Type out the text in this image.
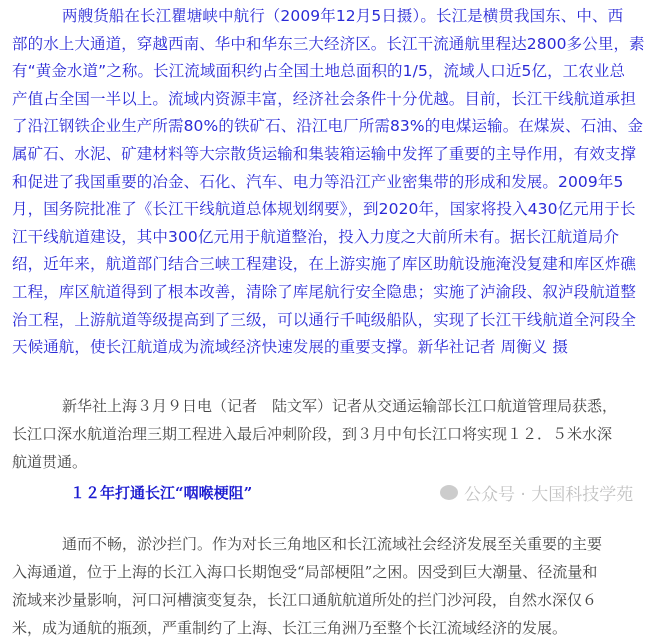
两艘货船在长江瞿塘峡中航行（2009年12月5日摄）。长江是横贯我国东、中、西
部的水上大通道，穿越西南、华中和华东三大经济区。长江干流通航里程达2800多公里，素
有“黄金水道”之称。长江流域面积约占全国土地总面积的1/5，流域人口近5亿，工农业总
产值占全国一半以上。流域内资源丰富，经济社会条件十分优越。目前，长江干线航道承担
了沿江钢铁企业生产所需80%的铁矿石、沿江电厂所需83%的电煤运输。在煤炭、石油、金
属矿石、水泥、矿建材料等大宗散货运输和集装箱运输中发挥了重要的主导作用，有效支撑
和促进了我国重要的冶金、石化、汽车、电力等沿江产业密集带的形成和发展。2009年5
月，国务院批准了《长江干线航道总体规划纲要》，到2020年，国家将投入430亿元用于长
江干线航道建设，其中300亿元用于航道整治，投入力度之大前所未有。据长江航道局介
绍，近年来，航道部门结合三峡工程建设，在上游实施了库区助航设施淹没复建和库区炸礁
工程，库区航道得到了根本改善，清除了库尾航行安全隐患；实施了泸渝段、叙泸段航道整
治工程，上游航道等级提高到了三级，可以通行千吨级船队，实现了长江干线航道全河段全
天候通航，使长江航道成为流域经济快速发展的重要支撑。新华社记者 周衡义 摄
新华社上海３月９日电（记者　陆文军）记者从交通运输部长江口航道管理局获悉，
长江口深水航道治理三期工程进入最后冲刺阶段，到３月中旬长江口将实现１２．５米水深
航道贯通。
１２年打通长江“咽喉梗阻”
通而不畅，淤沙拦门。作为对长三角地区和长江流域社会经济发展至关重要的主要
入海通道，位于上海的长江入海口长期饱受“局部梗阻”之困。因受到巨大潮量、径流量和
流域来沙量影响，河口河槽演变复杂，长江口通航航道所处的拦门沙河段，自然水深仅６
米，成为通航的瓶颈，严重制约了上海、长江三角洲乃至整个长江流域经济的发展。
公众号 · 大国科技学苑
